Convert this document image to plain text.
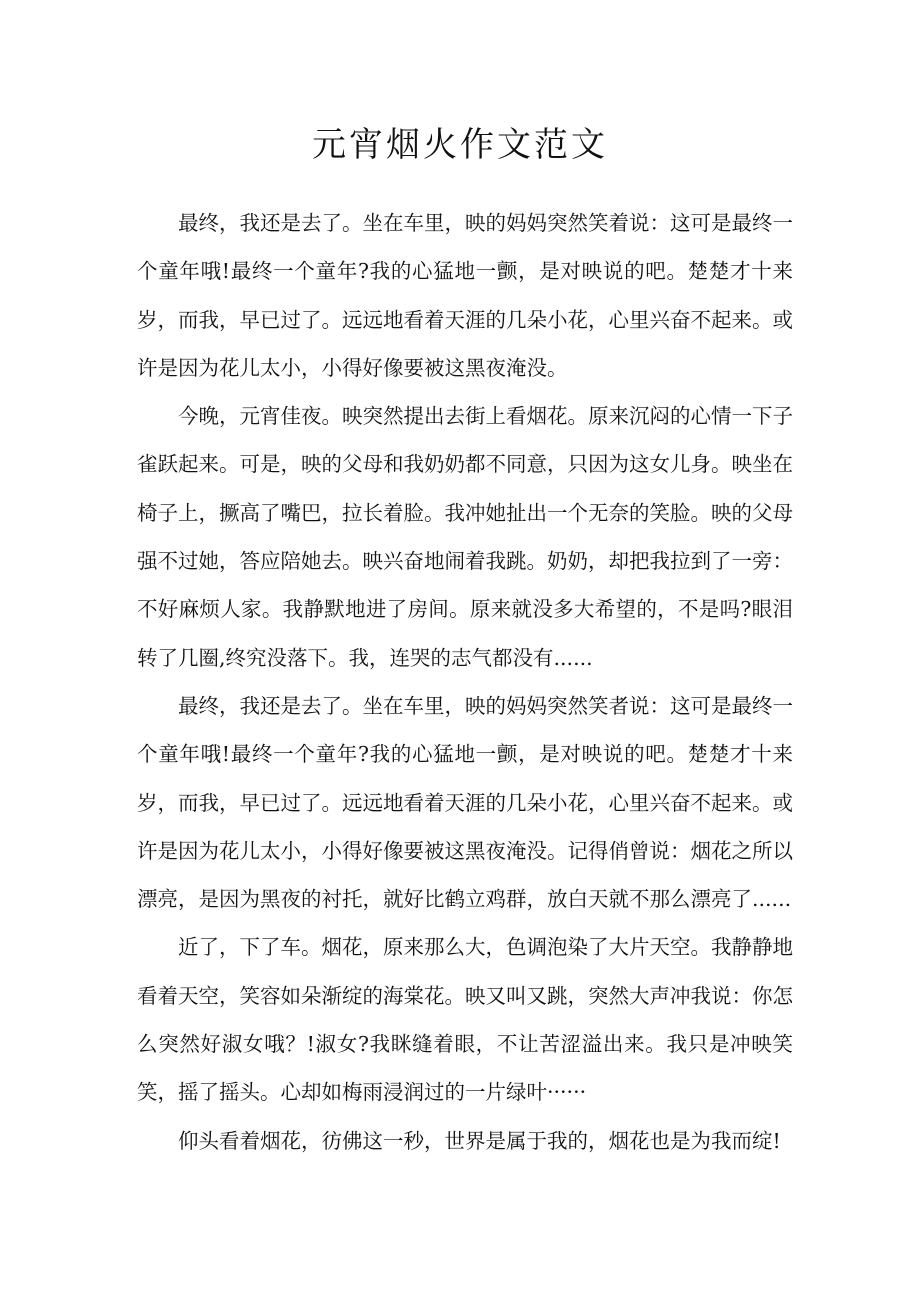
元宵烟火作文范文

最终，我还是去了。坐在车里，映的妈妈突然笑着说：这可是最终一个童年哦!最终一个童年?我的心猛地一颤，是对映说的吧。楚楚才十来岁，而我，早已过了。远远地看着天涯的几朵小花，心里兴奋不起来。或许是因为花儿太小，小得好像要被这黑夜淹没。

今晚，元宵佳夜。映突然提出去街上看烟花。原来沉闷的心情一下子雀跃起来。可是，映的父母和我奶奶都不同意，只因为这女儿身。映坐在椅子上，撅高了嘴巴，拉长着脸。我冲她扯出一个无奈的笑脸。映的父母强不过她，答应陪她去。映兴奋地闹着我跳。奶奶，却把我拉到了一旁：不好麻烦人家。我静默地进了房间。原来就没多大希望的，不是吗?眼泪转了几圈,终究没落下。我，连哭的志气都没有......

最终，我还是去了。坐在车里，映的妈妈突然笑者说：这可是最终一个童年哦!最终一个童年?我的心猛地一颤，是对映说的吧。楚楚才十来岁，而我，早已过了。远远地看着天涯的几朵小花，心里兴奋不起来。或许是因为花儿太小，小得好像要被这黑夜淹没。记得俏曾说：烟花之所以漂亮，是因为黑夜的衬托，就好比鹤立鸡群，放白天就不那么漂亮了......

近了，下了车。烟花，原来那么大，色调泡染了大片天空。我静静地看着天空，笑容如朵渐绽的海棠花。映又叫又跳，突然大声冲我说：你怎么突然好淑女哦？!淑女?我眯缝着眼，不让苦涩溢出来。我只是冲映笑笑，摇了摇头。心却如梅雨浸润过的一片绿叶······

仰头看着烟花，彷佛这一秒，世界是属于我的，烟花也是为我而绽!
